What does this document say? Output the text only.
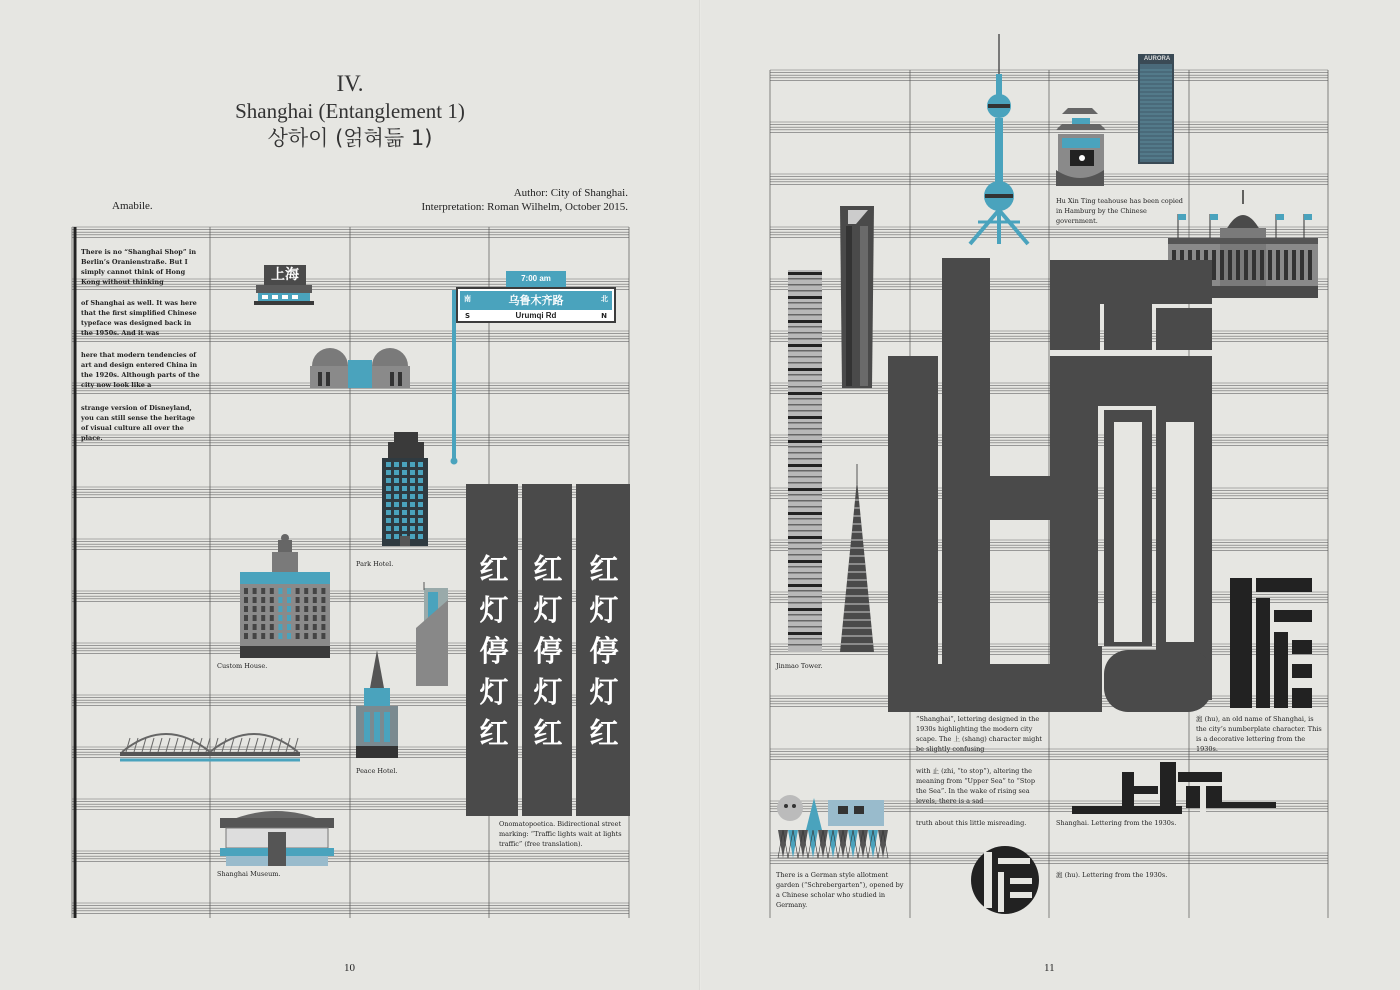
IV.
Shanghai (Entanglement 1)
상하이 (얽혀듦 1)
Amabile.
Author: City of Shanghai.
Interpretation: Roman Wilhelm, October 2015.
There is no “Shanghai Shop” in Berlin’s Oranienstraße. But I simply cannot think of Hong Kong without thinking
of Shanghai as well. It was here that the first simplified Chinese typeface was designed back in the 1950s. And it was
here that modern tendencies of art and design entered China in the 1920s. Although parts of the city now look like a
strange version of Disneyland, you can still sense the heritage of visual culture all over the place.
上海	7:00 am
乌鲁木齐路
南	北
Urumqi Rd
S	N
红
灯
停
灯
红
红
灯
停
灯
红
红
灯
停
灯
红
Park Hotel.
Custom House.
Peace Hotel.
Shanghai Museum.
Onomatopoetica. Bidirectional street marking: “Traffic lights wait at lights traffic” (free translation).
10
AURORA
Hu Xin Ting teahouse has been copied in Hamburg by the Chinese government.
Jinmao Tower.
“Shanghai”, lettering designed in the 1930s highlighting the modern city scape. The 上 (shang) character might be slightly confusing
with 止 (zhi, “to stop”), altering the meaning from “Upper Sea” to “Stop the Sea”. In the wake of rising sea levels, there is a sad
truth about this little misreading.
滬 (hu), an old name of Shanghai, is the city’s numberplate character. This is a decorative lettering from the 1930s.
Shanghai. Lettering from the 1930s.
There is a German style allotment garden (“Schrebergarten”), opened by a Chinese scholar who studied in Germany.
滬 (hu). Lettering from the 1930s.
11
